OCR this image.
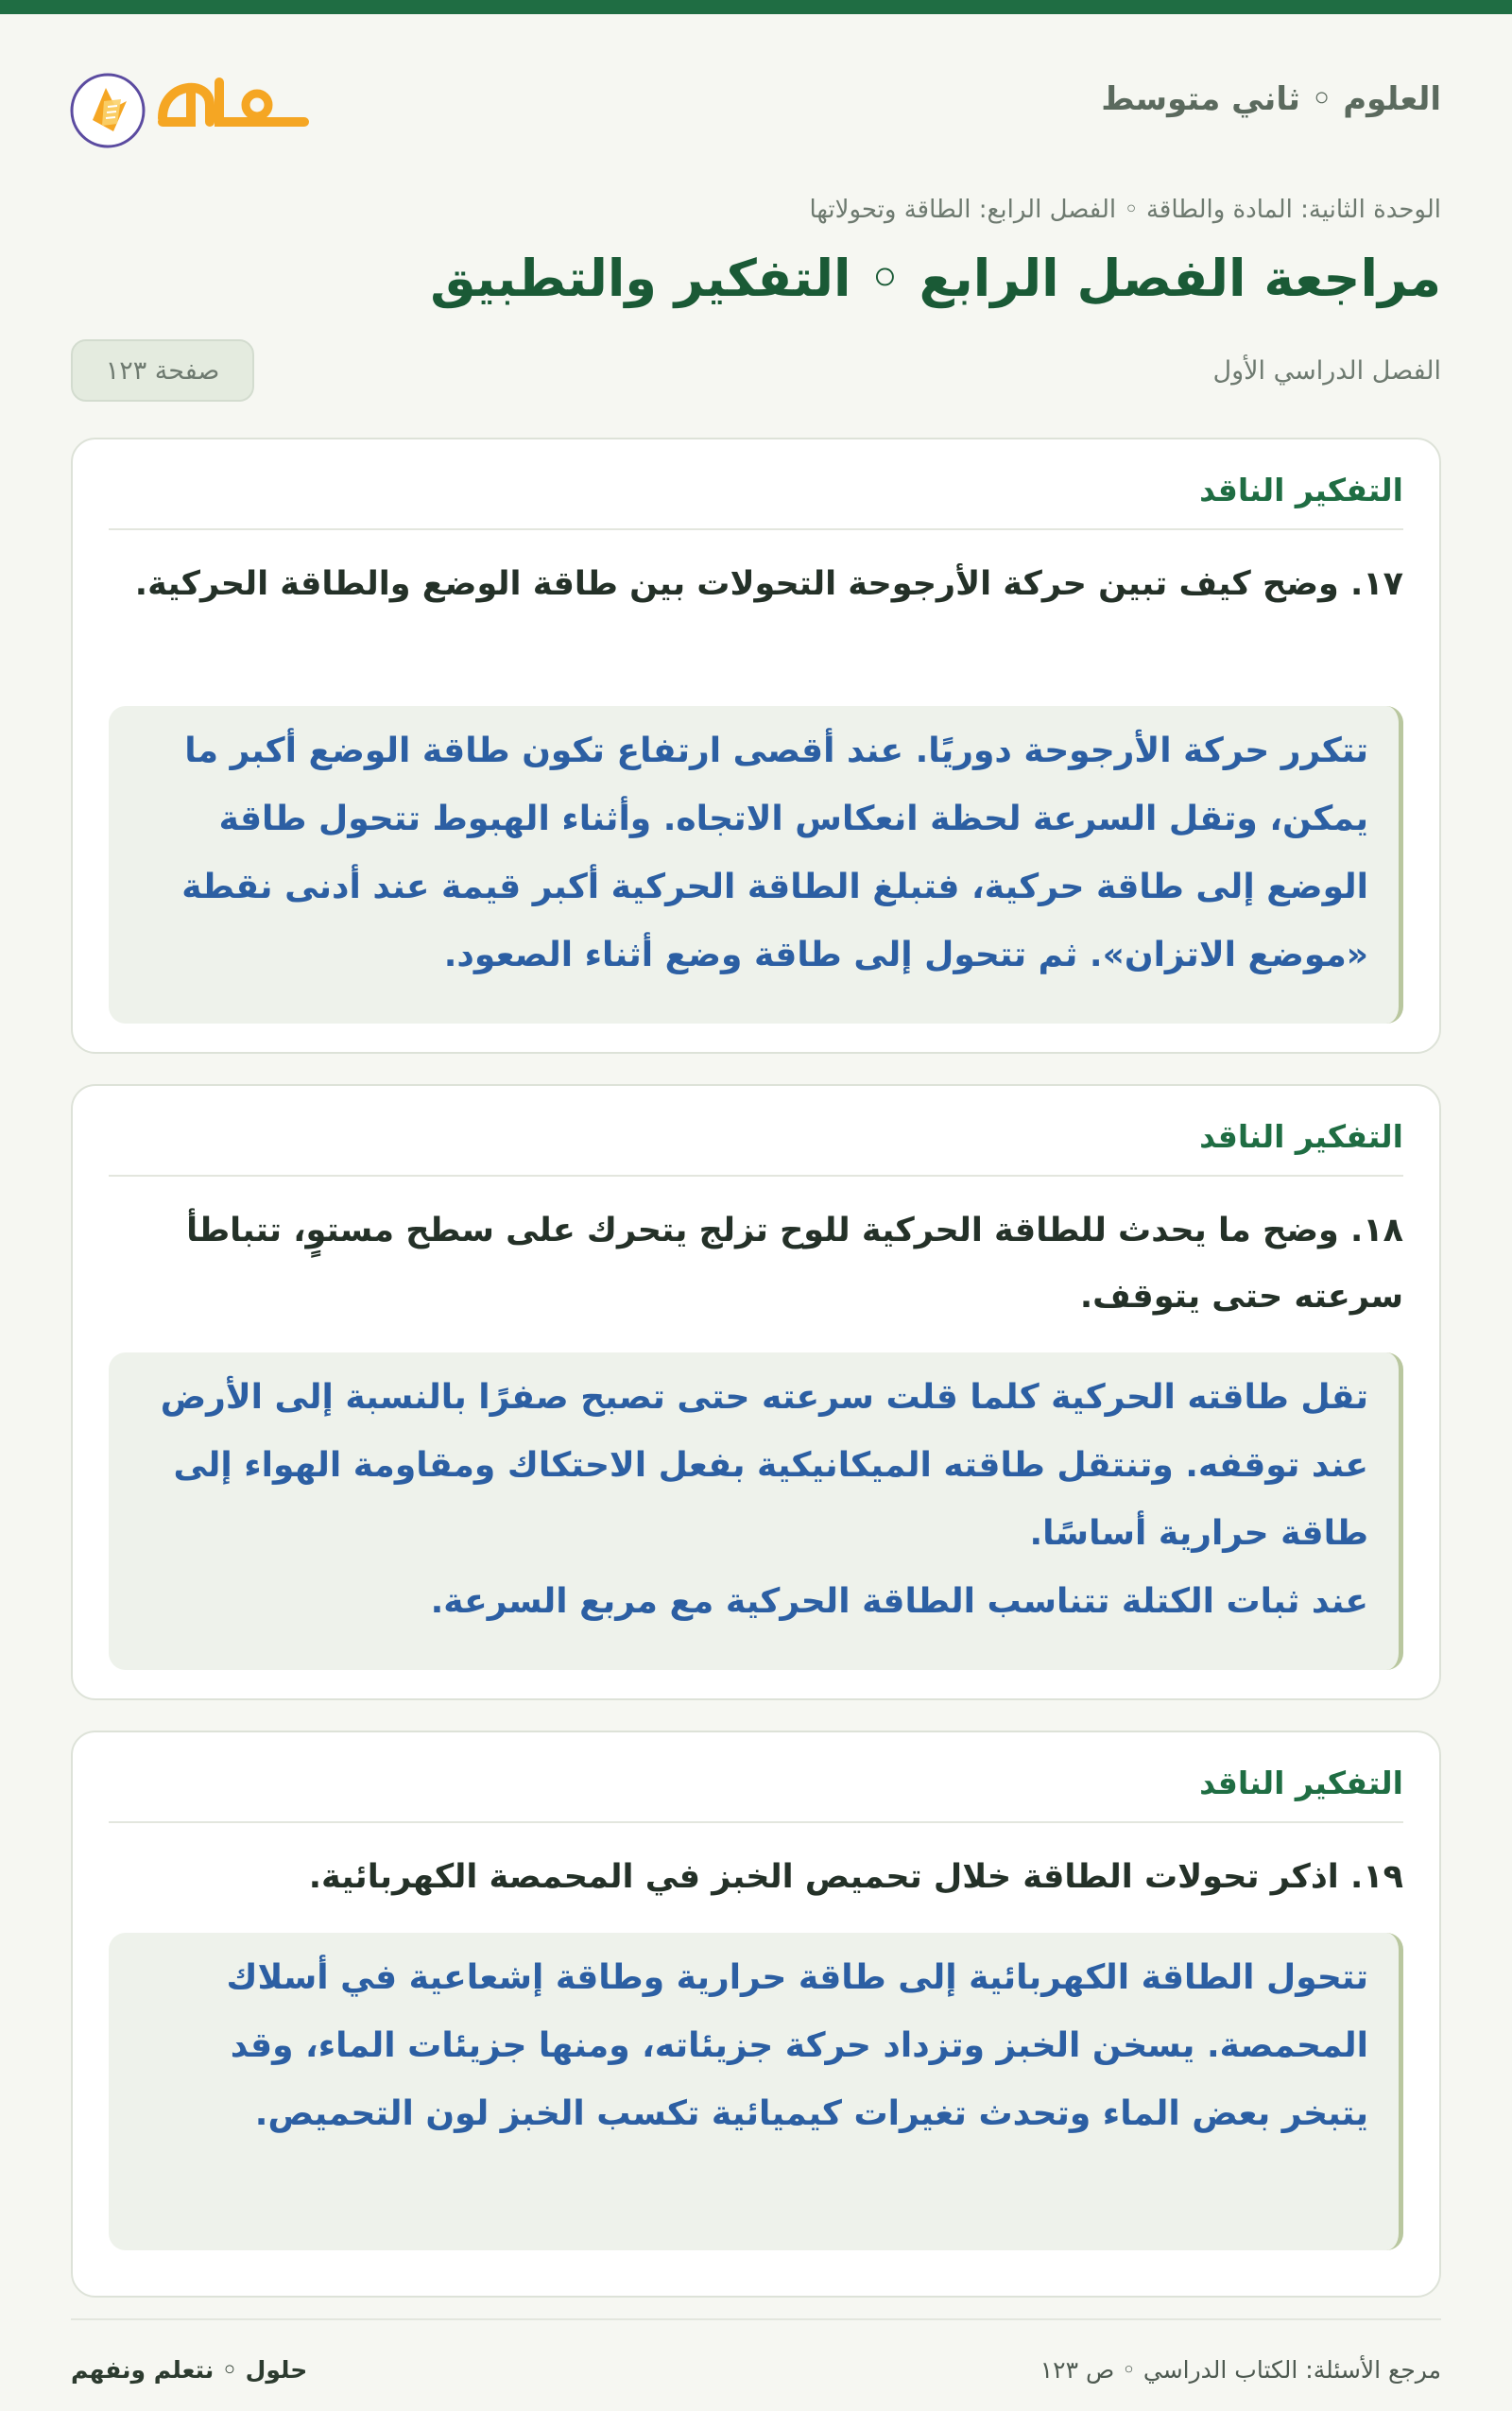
العلوم ◦ ثاني متوسط
الوحدة الثانية: المادة والطاقة ◦ الفصل الرابع: الطاقة وتحولاتها
مراجعة الفصل الرابع ◦ التفكير والتطبيق
الفصل الدراسي الأول
صفحة ١٢٣
التفكير الناقد
١٧. وضح كيف تبين حركة الأرجوحة التحولات بين طاقة الوضع والطاقة الحركية.

تتكرر حركة الأرجوحة دوريًا. عند أقصى ارتفاع تكون طاقة الوضع أكبر ما يمكن، وتقل السرعة لحظة انعكاس الاتجاه. وأثناء الهبوط تتحول طاقة الوضع إلى طاقة حركية، فتبلغ الطاقة الحركية أكبر قيمة عند أدنى نقطة «موضع الاتزان». ثم تتحول إلى طاقة وضع أثناء الصعود.

التفكير الناقد
١٨. وضح ما يحدث للطاقة الحركية للوح تزلج يتحرك على سطح مستوٍ، تتباطأ سرعته حتى يتوقف.

تقل طاقته الحركية كلما قلت سرعته حتى تصبح صفرًا بالنسبة إلى الأرض عند توقفه. وتنتقل طاقته الميكانيكية بفعل الاحتكاك ومقاومة الهواء إلى طاقة حرارية أساسًا.

عند ثبات الكتلة تتناسب الطاقة الحركية مع مربع السرعة.

التفكير الناقد
١٩. اذكر تحولات الطاقة خلال تحميص الخبز في المحمصة الكهربائية.

تتحول الطاقة الكهربائية إلى طاقة حرارية وطاقة إشعاعية في أسلاك المحمصة. يسخن الخبز وتزداد حركة جزيئاته، ومنها جزيئات الماء، وقد يتبخر بعض الماء وتحدث تغيرات كيميائية تكسب الخبز لون التحميص.

مرجع الأسئلة: الكتاب الدراسي ◦ ص ١٢٣
حلول ◦ نتعلم ونفهم
